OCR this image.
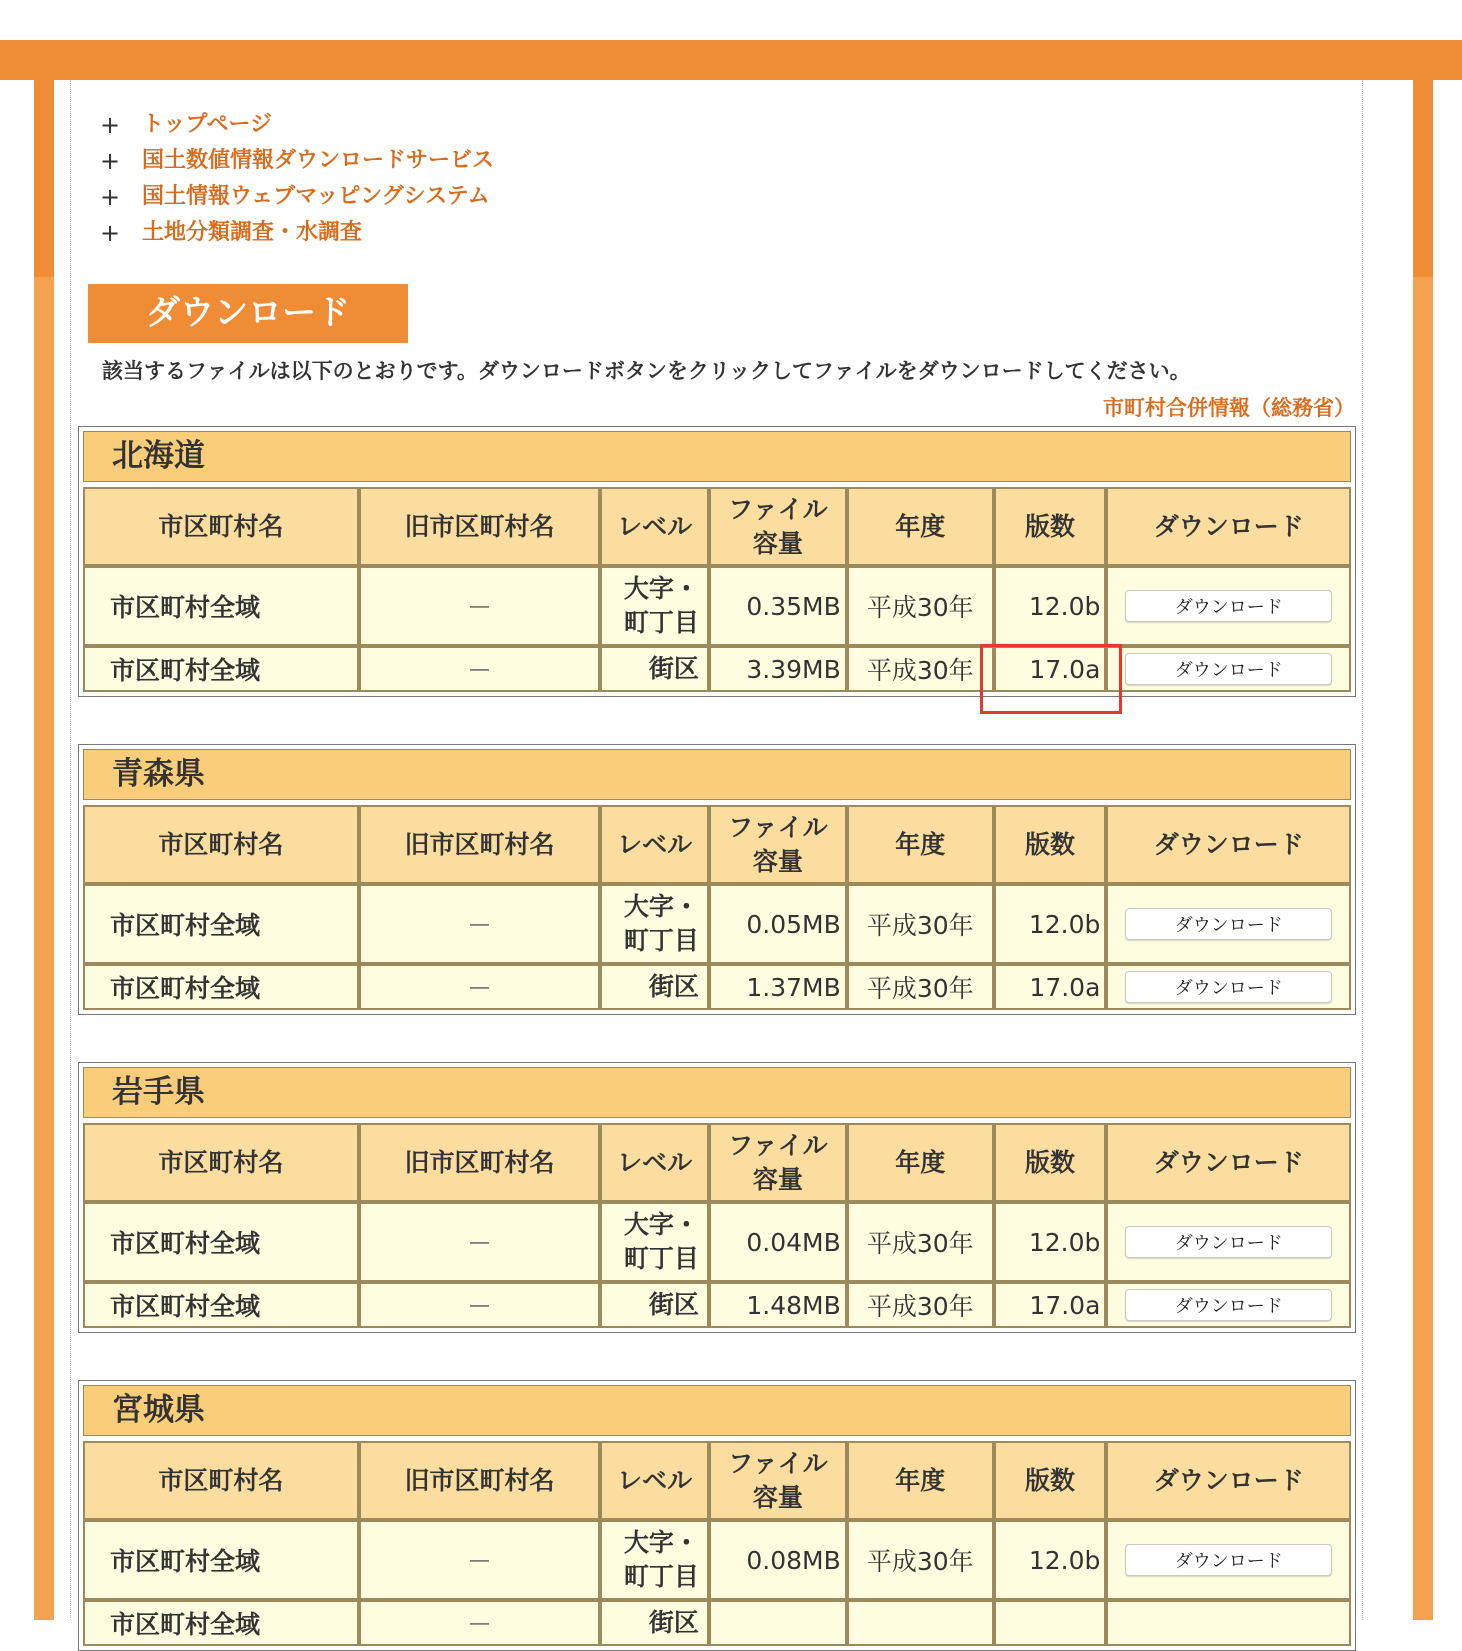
+ トップページ
+ 国土数値情報ダウンロードサービス
+ 国土情報ウェブマッピングシステム
+ 土地分類調査・水調査
ダウンロード
該当するファイルは以下のとおりです。ダウンロードボタンをクリックしてファイルをダウンロードしてください。
市町村合併情報（総務省）
北海道
市区町村名	旧市区町村名	レベル	ファイル
容量	年度	版数	ダウンロード
市区町村全域	－	大字・
町丁目	0.35MB	平成30年	12.0b	ダウンロード
市区町村全域	－	街区	3.39MB	平成30年	17.0a	ダウンロード
青森県
市区町村名	旧市区町村名	レベル	ファイル
容量	年度	版数	ダウンロード
市区町村全域	－	大字・
町丁目	0.05MB	平成30年	12.0b	ダウンロード
市区町村全域	－	街区	1.37MB	平成30年	17.0a	ダウンロード
岩手県
市区町村名	旧市区町村名	レベル	ファイル
容量	年度	版数	ダウンロード
市区町村全域	－	大字・
町丁目	0.04MB	平成30年	12.0b	ダウンロード
市区町村全域	－	街区	1.48MB	平成30年	17.0a	ダウンロード
宮城県
市区町村名	旧市区町村名	レベル	ファイル
容量	年度	版数	ダウンロード
市区町村全域	－	大字・
町丁目	0.08MB	平成30年	12.0b	ダウンロード
市区町村全域	－	街区				
